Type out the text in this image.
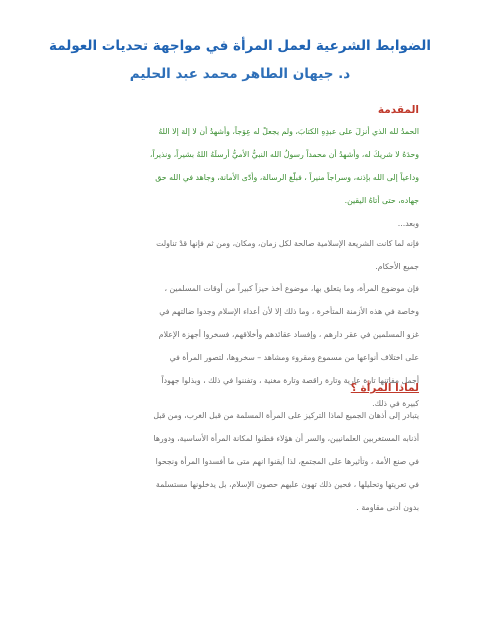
الضوابط الشرعية لعمل المرأة في مواجهة تحديات العولمة
د. جيهان الطاهر محمد عبد الحليم
المقدمة
الحمدُ لله الذي أنزلَ على عبدِهِ الكتابَ، ولم يجعلْ له عِوَجاً، وأشهدُ أن لا إلهَ إلا اللهُ
وحدَهُ لا شريكَ له، وأشهدُ أن محمداً رسولُ الله النبيُّ الأميُّ أرسلَهُ اللهُ بشيراً، ونذيراً،
وداعياً إلى الله بإذنه، وسراجاً منيراً ، فبلّغ الرسالة، وأدّى الأمانة، وجاهد في الله حق
جهاده، حتى أتاهُ اليقين.
وبعد...
فإنه لما كانت الشريعة الإسلامية صالحة لكل زمان، ومكان، ومن ثم فإنها قدْ تناولت
جميع الأحكام.
فإن موضوع المرأة، وما يتعلق بها، موضوع أخذ حيزاً كبيراً من أوقات المسلمين ،
وخاصة في هذه الأزمنة المتأخرة ، وما ذلك إلا لأن أعداء الإسلام وجدوا ضالتهم في
غزو المسلمين في عقر دارهم ، وإفساد عقائدهم وأخلاقهم، فسخروا أجهزة الإعلام
على اختلاف أنواعها من مسموع ومقروء ومشاهد – سخروها، لتصور المرأة في
أجمل مفاتنها تارة عارية وتارة راقصة وتارة مغنية ، وتفننوا في ذلك ، وبذلوا جهوداً
كبيرة في ذلك.
لماذا المرأة ؟
يتبادر إلى أذهان الجميع لماذا التركيز على المرأة المسلمة من قبل الغرب، ومن قبل
أذنابه المستغربين العلمانيين، والسر أن هؤلاء فطنوا لمكانة المرأة الأساسية، ودورها
في صنع الأمة ، وتأثيرها على المجتمع، لذا أيقنوا انهم متى ما أفسدوا المرأة ونجحوا
في تعريتها وتحليلها ، فحين ذلك تهون عليهم حصون الإسلام، بل يدخلونها مستسلمة
بدون أدنى مقاومة .
